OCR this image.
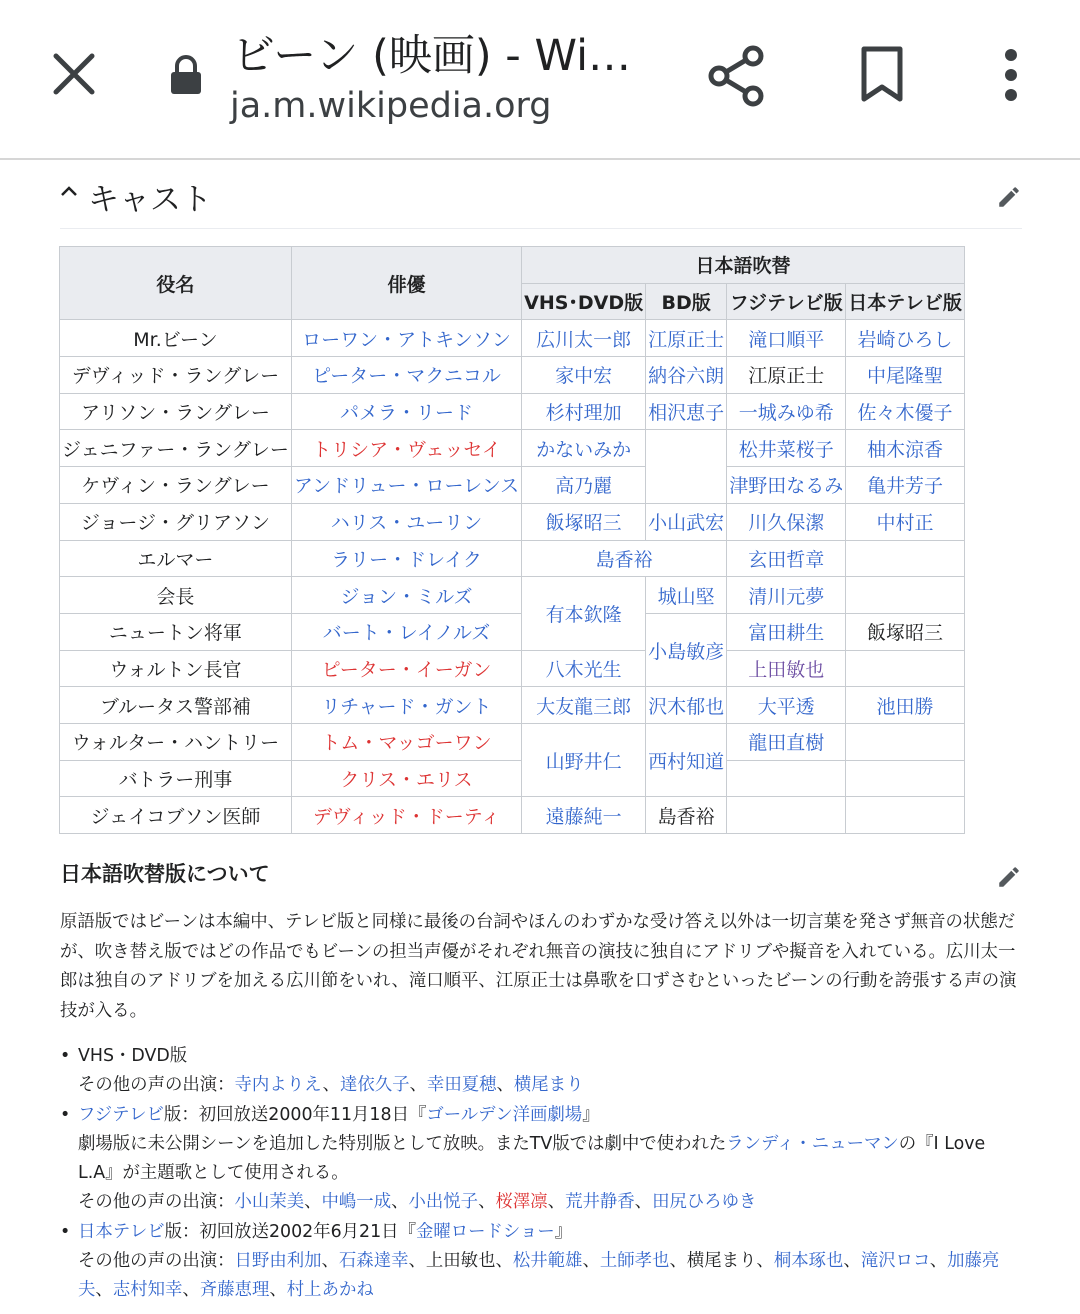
ビーン (映画) - Wi…
ja.m.wikipedia.org
キャスト
役名	俳優	日本語吹替			
		VHS･DVD版	BD版	フジテレビ版	日本テレビ版
Mr.ビーン	ローワン・アトキンソン	広川太一郎	江原正士	滝口順平	岩崎ひろし
デヴィッド・ラングレー	ピーター・マクニコル	家中宏	納谷六朗	江原正士	中尾隆聖
アリソン・ラングレー	パメラ・リード	杉村理加	相沢恵子	一城みゆ希	佐々木優子
ジェニファー・ラングレー	トリシア・ヴェッセイ	かないみか		松井菜桜子	柚木涼香
ケヴィン・ラングレー	アンドリュー・ローレンス	高乃麗		津野田なるみ	亀井芳子
ジョージ・グリアソン	ハリス・ユーリン	飯塚昭三	小山武宏	川久保潔	中村正
エルマー	ラリー・ドレイク	島香裕		玄田哲章	
会長	ジョン・ミルズ	有本欽隆	城山堅	清川元夢	
ニュートン将軍	バート・レイノルズ		小島敏彦	富田耕生	飯塚昭三
ウォルトン長官	ピーター・イーガン	八木光生		上田敏也	
ブルータス警部補	リチャード・ガント	大友龍三郎	沢木郁也	大平透	池田勝
ウォルター・ハントリー	トム・マッゴーワン	山野井仁	西村知道	龍田直樹	
バトラー刑事	クリス・エリス				
ジェイコブソン医師	デヴィッド・ドーティ	遠藤純一	島香裕		
日本語吹替版について

原語版ではビーンは本編中、テレビ版と同様に最後の台詞やほんのわずかな受け答え以外は一切言葉を発さず無音の状態だが、吹き替え版ではどの作品でもビーンの担当声優がそれぞれ無音の演技に独自にアドリブや擬音を入れている。広川太一郎は独自のアドリブを加える広川節をいれ、滝口順平、江原正士は鼻歌を口ずさむといったビーンの行動を誇張する声の演技が入る。

• VHS・DVD版
その他の声の出演：寺内よりえ、達依久子、幸田夏穂、横尾まり
• フジテレビ版：初回放送2000年11月18日『ゴールデン洋画劇場』
劇場版に未公開シーンを追加した特別版として放映。またTV版では劇中で使われたランディ・ニューマンの『I Love L.A』が主題歌として使用される。
その他の声の出演：小山茉美、中嶋一成、小出悦子、桜澤凛、荒井静香、田尻ひろゆき
• 日本テレビ版：初回放送2002年6月21日『金曜ロードショー』
その他の声の出演：日野由利加、石森達幸、上田敏也、松井範雄、土師孝也、横尾まり、桐本琢也、滝沢ロコ、加藤亮夫、志村知幸、斉藤恵理、村上あかね
